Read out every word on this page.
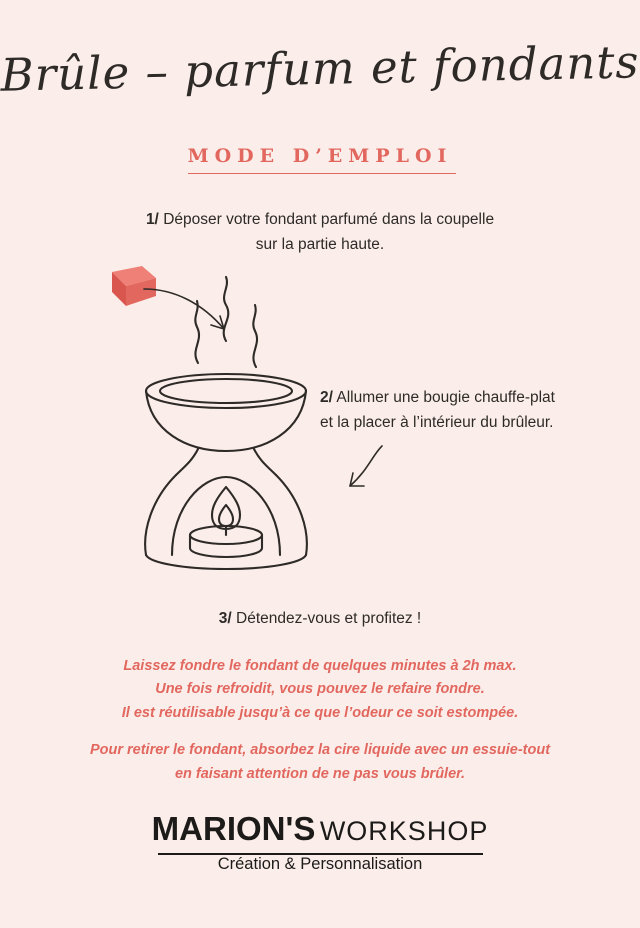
Brûle – parfum et fondants
MODE D’EMPLOI
1/ Déposer votre fondant parfumé dans la coupelle
sur la partie haute.
2/ Allumer une bougie chauffe-plat
et la placer à l’intérieur du brûleur.
3/ Détendez-vous et profitez !
Laissez fondre le fondant de quelques minutes à 2h max.
Une fois refroidit, vous pouvez le refaire fondre.
Il est réutilisable jusqu’à ce que l’odeur ce soit estompée.
Pour retirer le fondant, absorbez la cire liquide avec un essuie-tout
en faisant attention de ne pas vous brûler.
MARION'S WORKSHOP
Création & Personnalisation
